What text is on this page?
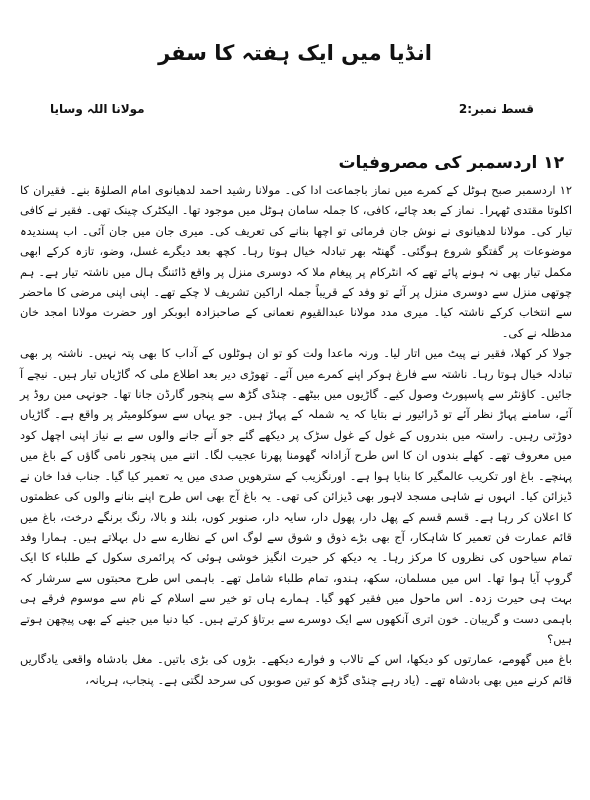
انڈیا میں ایک ہفتہ کا سفر
قسط نمبر:2
مولانا اللہ وسایا
۱۲ اردسمبر کی مصروفیات

۱۲ اردسمبر صبح ہوٹل کے کمرے میں نماز باجماعت ادا کی۔ مولانا رشید احمد لدھیانوی امام الصلوٰۃ بنے۔ فقیران کا اکلوتا مقتدی ٹھہرا۔ نماز کے بعد چائے، کافی، کا جملہ سامان ہوٹل میں موجود تھا۔ الیکٹرک چینک تھی۔ فقیر نے کافی تیار کی۔ مولانا لدھیانوی نے نوش جان فرمائی تو اچھا بنانے کی تعریف کی۔ میری جان میں جان آئی۔ اب پسندیدہ موضوعات پر گفتگو شروع ہوگئی۔ گھنٹہ بھر تبادلہ خیال ہوتا رہا۔ کچھ بعد دیگرے غسل، وضو، تازہ کرکے ابھی مکمل تیار بھی نہ ہونے پائے تھے کہ انٹرکام پر پیغام ملا کہ دوسری منزل پر واقع ڈائننگ ہال میں ناشتہ تیار ہے۔ ہم چوتھی منزل سے دوسری منزل پر آئے تو وفد کے قریباً جملہ اراکین تشریف لا چکے تھے۔ اپنی اپنی مرضی کا ماحضر سے انتخاب کرکے ناشتہ کیا۔ میری مدد مولانا عبدالقیوم نعمانی کے صاحبزادہ ابوبکر اور حضرت مولانا امجد خان مدظلہ نے کی۔

جولا کر کھلا، فقیر نے پیٹ میں اتار لیا۔ ورنہ ماعدا ولت کو تو ان ہوٹلوں کے آداب کا بھی پتہ نہیں۔ ناشتہ پر بھی تبادلہ خیال ہوتا رہا۔ ناشتہ سے فارغ ہوکر اپنے کمرے میں آئے۔ تھوڑی دیر بعد اطلاع ملی کہ گاڑیاں تیار ہیں۔ نیچے آ جائیں۔ کاؤنٹر سے پاسپورٹ وصول کیے۔ گاڑیوں میں بیٹھے۔ چنڈی گڑھ سے پنجور گارڈن جانا تھا۔ جونہی مین روڈ پر آئے، سامنے پہاڑ نظر آئے تو ڈرائیور نے بتایا کہ یہ شملہ کے پہاڑ ہیں۔ جو یہاں سے سوکلومیٹر پر واقع ہے۔ گاڑیاں دوڑتی رہیں۔ راستہ میں بندروں کے غول کے غول سڑک پر دیکھے گئے جو آنے جانے والوں سے بے نیاز اپنی اچھل کود میں معروف تھے۔ کھلے بندوں ان کا اس طرح آزادانہ گھومنا پھرنا عجیب لگا۔ اتنے میں پنجور نامی گاؤں کے باغ میں پہنچے۔ باغ اور تکریب عالمگیر کا بنایا ہوا ہے۔ اورنگزیب کے سترھویں صدی میں یہ تعمیر کیا گیا۔ جناب فدا خان نے ڈیزائن کیا۔ انہوں نے شاہی مسجد لاہور بھی ڈیزائن کی تھی۔ یہ باغ آج بھی اس طرح اپنے بنانے والوں کی عظمتوں کا اعلان کر رہا ہے۔ قسم قسم کے پھل دار، پھول دار، سایہ دار، صنوبر کوں، بلند و بالا، رنگ برنگے درخت، باغ میں قائم عمارت فن تعمیر کا شاہکار، آج بھی بڑے ذوق و شوق سے لوگ اس کے نظارے سے دل بہلاتے ہیں۔ ہمارا وفد تمام سیاحوں کی نظروں کا مرکز رہا۔ یہ دیکھ کر حیرت انگیز خوشی ہوئی کہ پرائمری سکول کے طلباء کا ایک گروپ آیا ہوا تھا۔ اس میں مسلمان، سکھ، ہندو، تمام طلباء شامل تھے۔ باہمی اس طرح محبتوں سے سرشار کہ بہت ہی حیرت زدہ۔ اس ماحول میں فقیر کھو گیا۔ ہمارے ہاں تو خیر سے اسلام کے نام سے موسوم فرقے ہی باہمی دست و گریبان۔ خون اتری آنکھوں سے ایک دوسرے سے برتاؤ کرتے ہیں۔ کیا دنیا میں جینے کے بھی پیچھن ہوتے ہیں؟

باغ میں گھومے، عمارتوں کو دیکھا، اس کے تالاب و فوارے دیکھے۔ بڑوں کی بڑی باتیں۔ مغل بادشاہ واقعی یادگاریں قائم کرنے میں بھی بادشاہ تھے۔ (یاد رہے چنڈی گڑھ کو تین صوبوں کی سرحد لگتی ہے۔ پنجاب، ہریانہ،
